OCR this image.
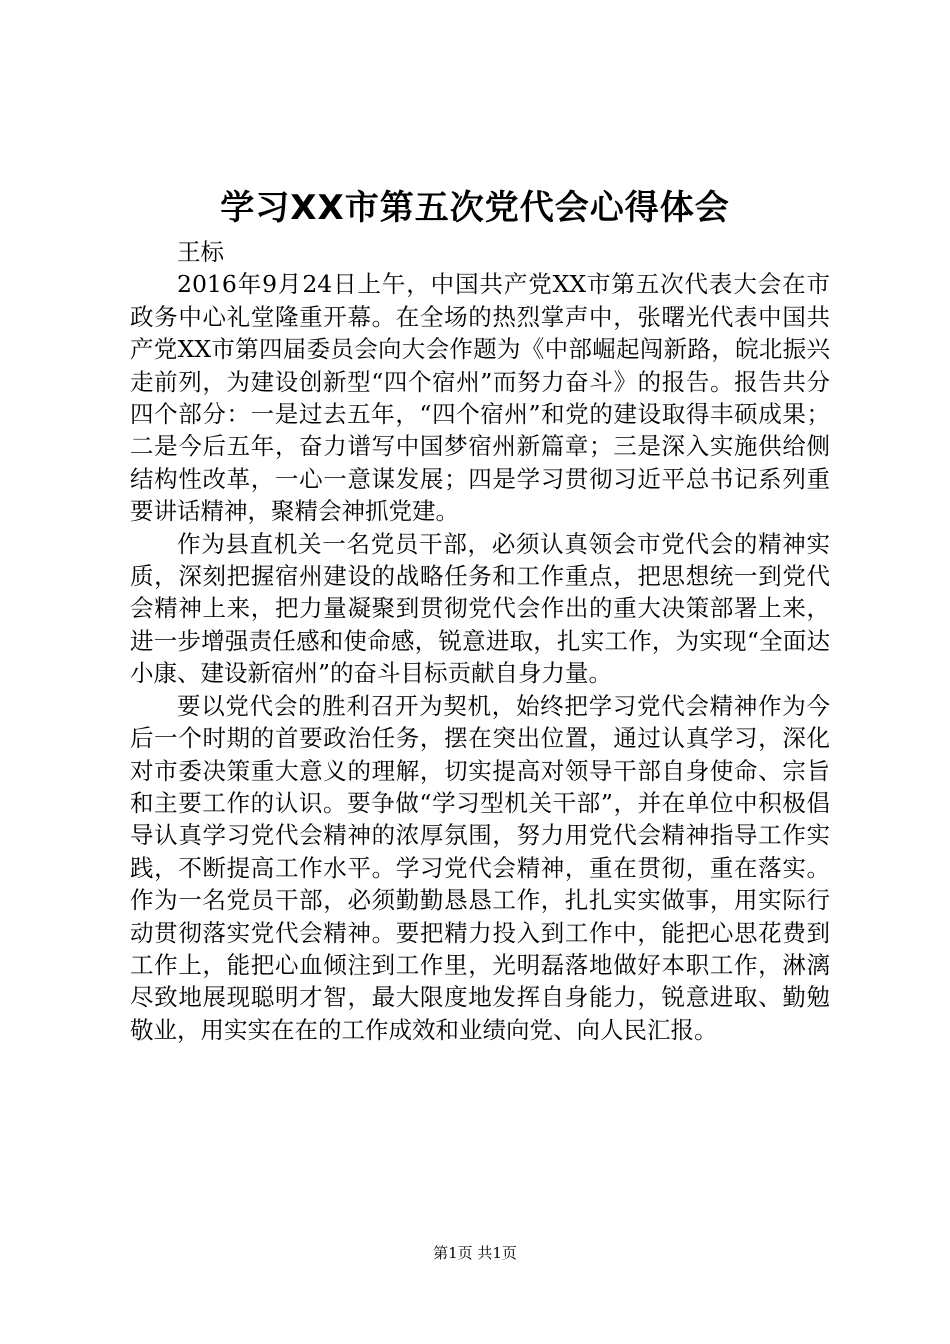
学习XX市第五次党代会心得体会

王标

2016年9月24日上午，中国共产党XX市第五次代表大会在市政务中心礼堂隆重开幕。在全场的热烈掌声中，张曙光代表中国共产党XX市第四届委员会向大会作题为《中部崛起闯新路，皖北振兴走前列，为建设创新型“四个宿州”而努力奋斗》的报告。报告共分四个部分：一是过去五年，“四个宿州”和党的建设取得丰硕成果；二是今后五年，奋力谱写中国梦宿州新篇章；三是深入实施供给侧结构性改革，一心一意谋发展；四是学习贯彻习近平总书记系列重要讲话精神，聚精会神抓党建。

作为县直机关一名党员干部，必须认真领会市党代会的精神实质，深刻把握宿州建设的战略任务和工作重点，把思想统一到党代会精神上来，把力量凝聚到贯彻党代会作出的重大决策部署上来，进一步增强责任感和使命感，锐意进取，扎实工作，为实现“全面达小康、建设新宿州”的奋斗目标贡献自身力量。

要以党代会的胜利召开为契机，始终把学习党代会精神作为今后一个时期的首要政治任务，摆在突出位置，通过认真学习，深化对市委决策重大意义的理解，切实提高对领导干部自身使命、宗旨和主要工作的认识。要争做“学习型机关干部”，并在单位中积极倡导认真学习党代会精神的浓厚氛围，努力用党代会精神指导工作实践，不断提高工作水平。学习党代会精神，重在贯彻，重在落实。作为一名党员干部，必须勤勤恳恳工作，扎扎实实做事，用实际行动贯彻落实党代会精神。要把精力投入到工作中，能把心思花费到工作上，能把心血倾注到工作里，光明磊落地做好本职工作，淋漓尽致地展现聪明才智，最大限度地发挥自身能力，锐意进取、勤勉敬业，用实实在在的工作成效和业绩向党、向人民汇报。

第1页 共1页
